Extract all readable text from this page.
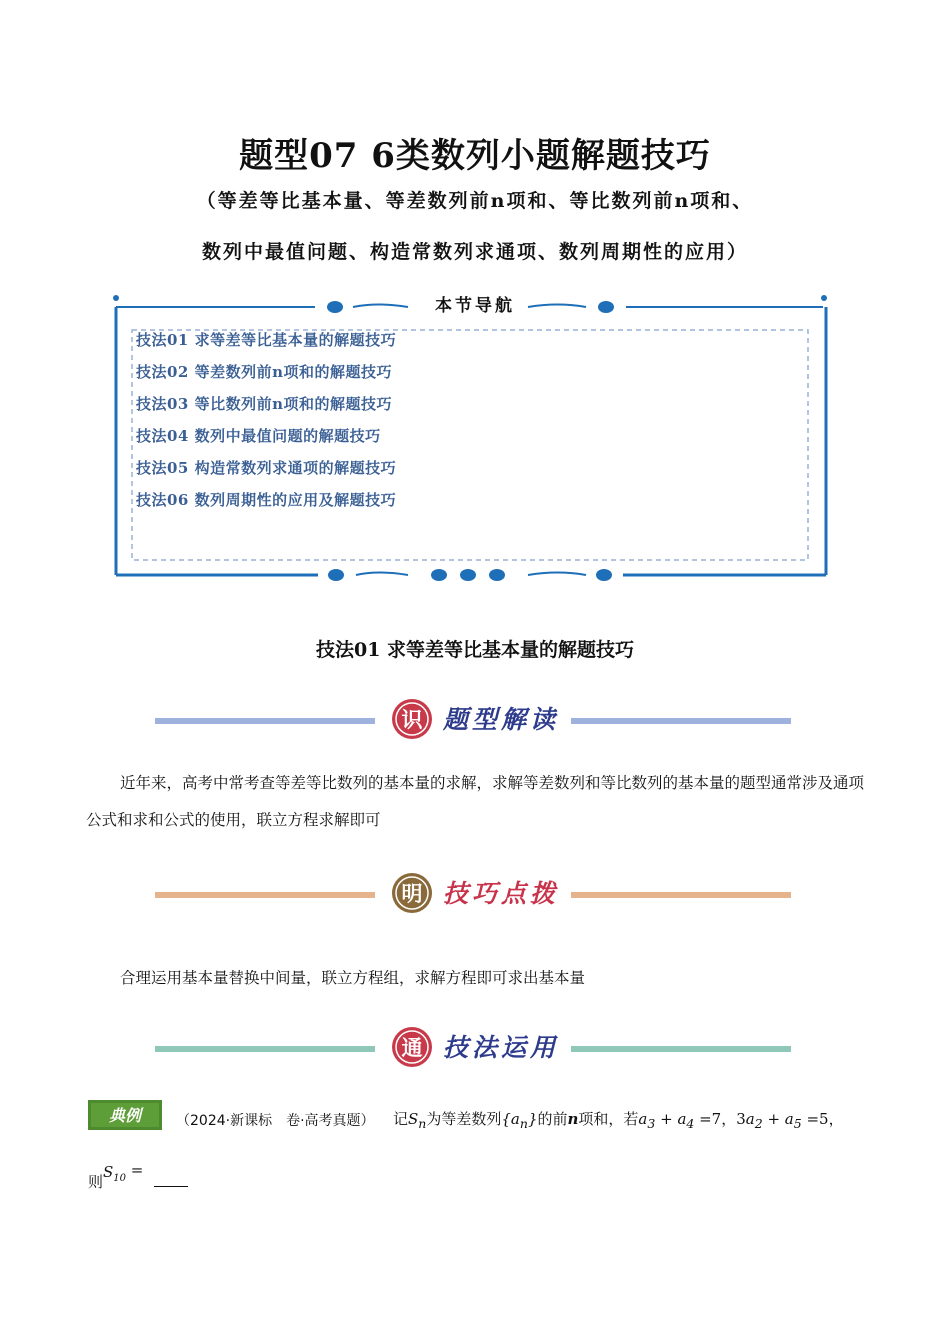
题型07 6类数列小题解题技巧
（等差等比基本量、等差数列前n项和、等比数列前n项和、
数列中最值问题、构造常数列求通项、数列周期性的应用）
本节导航
技法01 求等差等比基本量的解题技巧
技法02 等差数列前n项和的解题技巧
技法03 等比数列前n项和的解题技巧
技法04 数列中最值问题的解题技巧
技法05 构造常数列求通项的解题技巧
技法06 数列周期性的应用及解题技巧
技法01 求等差等比基本量的解题技巧
识 题型解读
近年来，高考中常考查等差等比数列的基本量的求解，求解等差数列和等比数列的基本量的题型通常涉及通项公式和求和公式的使用，联立方程求解即可
明 技巧点拨
合理运用基本量替换中间量，联立方程组，求解方程即可求出基本量
通 技法运用
典例 （2024·新课标　卷·高考真题） 记$S_n$为等差数列$\{a_n\}$的前n项和，若$a_3 + a_4 =7$，$3a_2 + a_5 =5$，
则$S_{10}$ =
